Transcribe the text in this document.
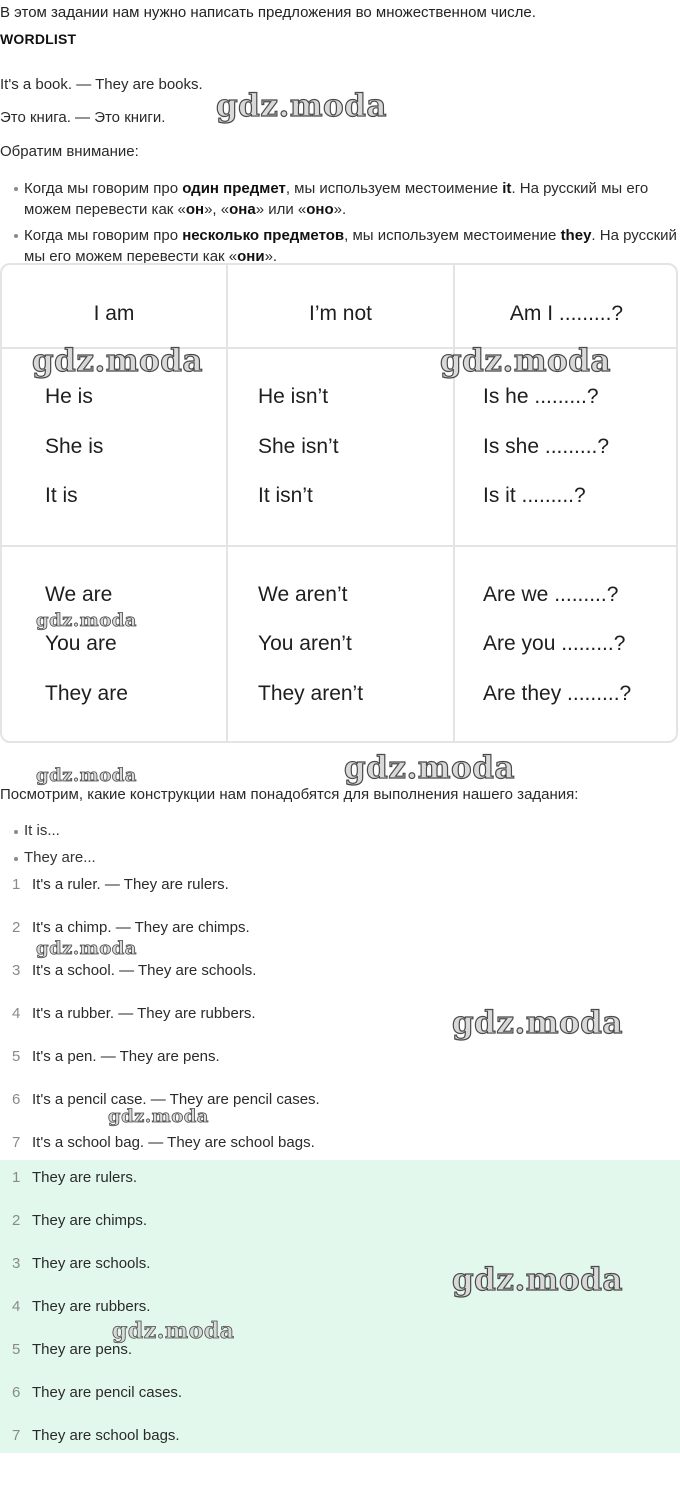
В этом задании нам нужно написать предложения во множественном числе.
WORDLIST
It's a book. — They are books.
Это книга. — Это книги.
Обратим внимание:
Когда мы говорим про один предмет, мы используем местоимение it. На русский мы его можем перевести как «он», «она» или «оно».
Когда мы говорим про несколько предметов, мы используем местоимение they. На русский мы его можем перевести как «они».
I am	I’m not	Am I .........?
He is	He isn’t	Is he .........?
She is	She isn’t	Is she .........?
It is	It isn’t	Is it .........?
We are	We aren’t	Are we .........?
You are	You aren’t	Are you .........?
They are	They aren’t	Are they .........?
Посмотрим, какие конструкции нам понадобятся для выполнения нашего задания:
It is...
They are...
1 It's a ruler. — They are rulers.
2 It's a chimp. — They are chimps.
3 It's a school. — They are schools.
4 It's a rubber. — They are rubbers.
5 It's a pen. — They are pens.
6 It's a pencil case. — They are pencil cases.
7 It's a school bag. — They are school bags.
1 They are rulers.
2 They are chimps.
3 They are schools.
4 They are rubbers.
5 They are pens.
6 They are pencil cases.
7 They are school bags.
gdz.moda
gdz.moda	gdz.moda
gdz.moda
gdz.moda	gdz.moda
gdz.moda
gdz.moda
gdz.moda
gdz.moda
gdz.moda
